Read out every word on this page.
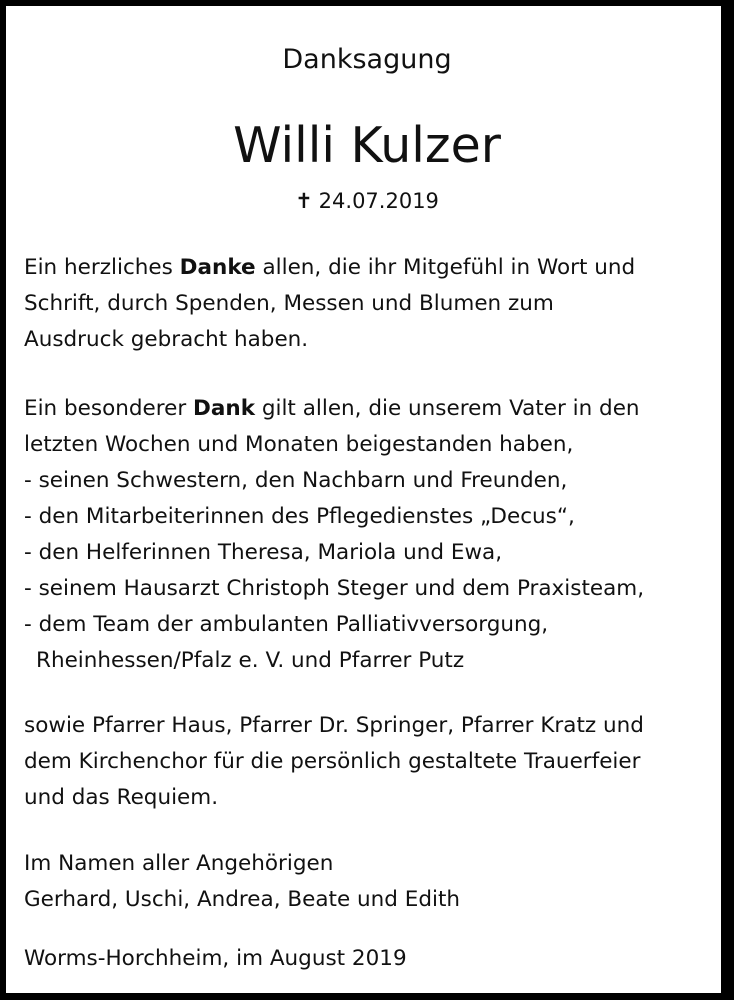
Danksagung
Willi Kulzer
✝ 24.07.2019
Ein herzliches Danke allen, die ihr Mitgefühl in Wort und
Schrift, durch Spenden, Messen und Blumen zum
Ausdruck gebracht haben.
Ein besonderer Dank gilt allen, die unserem Vater in den
letzten Wochen und Monaten beigestanden haben,
- seinen Schwestern, den Nachbarn und Freunden,
- den Mitarbeiterinnen des Pflegedienstes „Decus“,
- den Helferinnen Theresa, Mariola und Ewa,
- seinem Hausarzt Christoph Steger und dem Praxisteam,
- dem Team der ambulanten Palliativversorgung,
Rheinhessen/Pfalz e. V. und Pfarrer Putz
sowie Pfarrer Haus, Pfarrer Dr. Springer, Pfarrer Kratz und
dem Kirchenchor für die persönlich gestaltete Trauerfeier
und das Requiem.
Im Namen aller Angehörigen
Gerhard, Uschi, Andrea, Beate und Edith
Worms-Horchheim, im August 2019
